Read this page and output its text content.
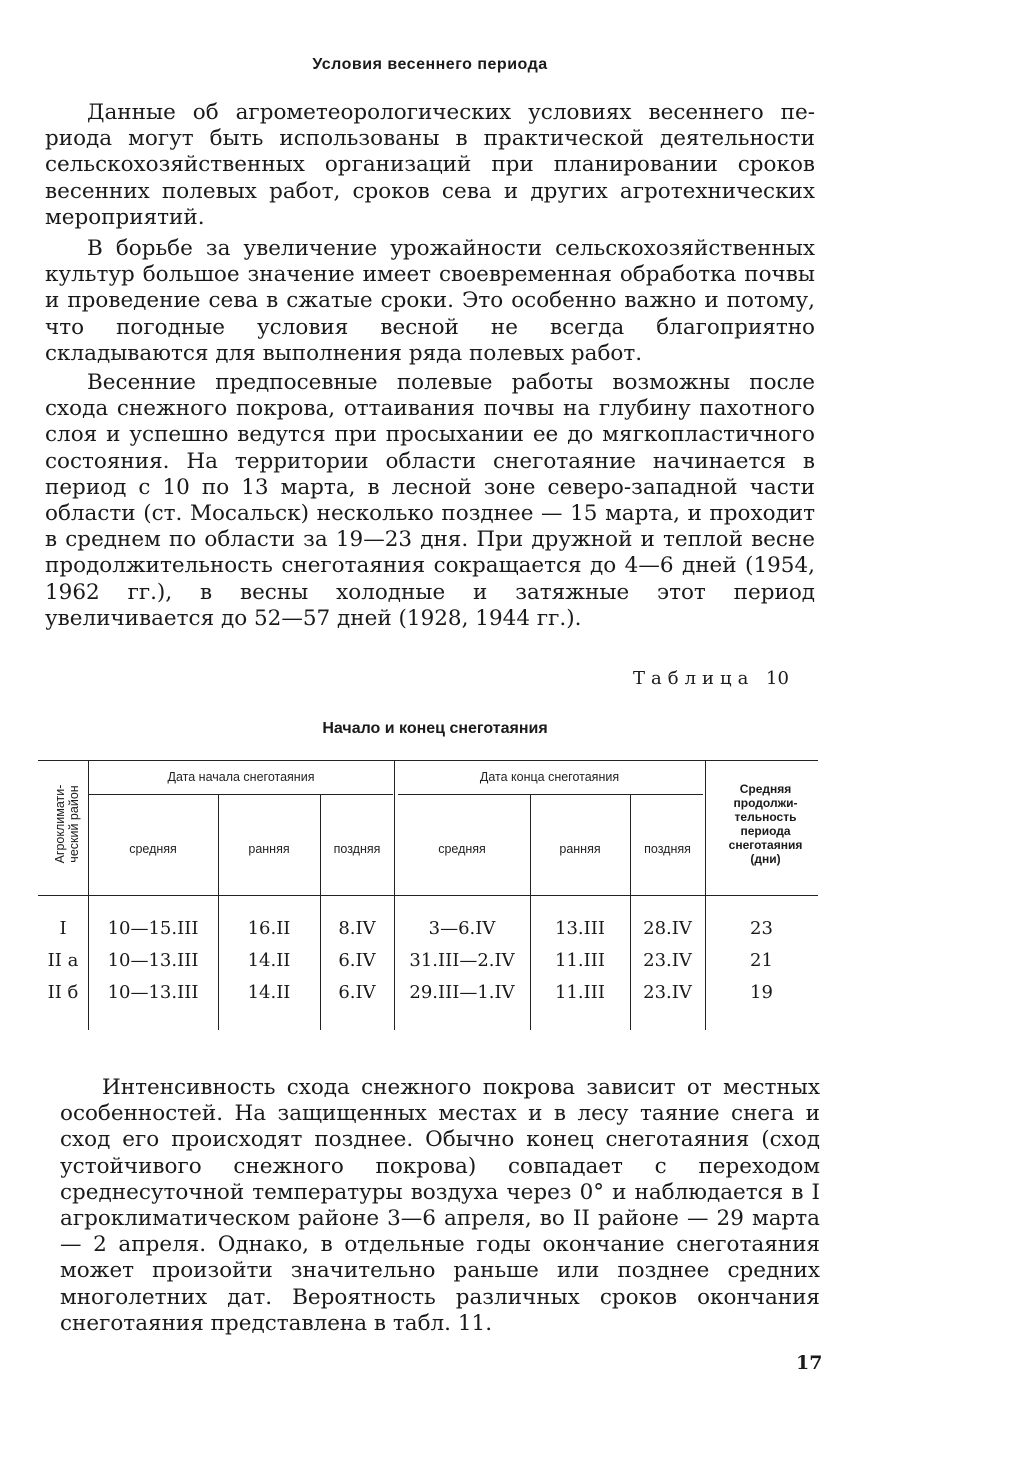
Условия весеннего периода

Данные об агрометеорологических условиях весеннего периода могут быть использованы в практической деятельности сельскохозяйственных организаций при планировании сроков весенних полевых работ, сроков сева и других агротехнических мероприятий.

В борьбе за увеличение урожайности сельскохозяйственных культур большое значение имеет своевременная обработка почвы и проведение сева в сжатые сроки. Это особенно важно и потому, что погодные условия весной не всегда благоприятно складываются для выполнения ряда полевых работ.

Весенние предпосевные полевые работы возможны после схода снежного покрова, оттаивания почвы на глубину пахотного слоя и успешно ведутся при просыхании ее до мягкопластичного состояния. На территории области снеготаяние начинается в период с 10 по 13 марта, в лесной зоне северо-западной части области (ст. Мосальск) несколько позднее — 15 марта, и проходит в среднем по области за 19—23 дня. При дружной и теплой весне продолжительность снеготаяния сокращается до 4—6 дней (1954, 1962 гг.), в весны холодные и затяжные этот период увеличивается до 52—57 дней (1928, 1944 гг.).

Таблица 10
Начало и конец снеготаяния
Агроклиматический район
Дата начала снеготаяния	Дата конца снеготаяния
Средняя продолжительность периода снеготаяния (дни)
средняя	ранняя	поздняя	средняя	ранняя	поздняя
I	10—15.III	16.II	8.IV	3—6.IV	13.III	28.IV	23
II а	10—13.III	14.II	6.IV	31.III—2.IV	11.III	23.IV	21
II б	10—13.III	14.II	6.IV	29.III—1.IV	11.III	23.IV	19

Интенсивность схода снежного покрова зависит от местных особенностей. На защищенных местах и в лесу таяние снега и сход его происходят позднее. Обычно конец снеготаяния (сход устойчивого снежного покрова) совпадает с переходом среднесуточной температуры воздуха через 0° и наблюдается в I агроклиматическом районе 3—6 апреля, во II районе — 29 марта — 2 апреля. Однако, в отдельные годы окончание снеготаяния может произойти значительно раньше или позднее средних многолетних дат. Вероятность различных сроков окончания снеготаяния представлена в табл. 11.

17
